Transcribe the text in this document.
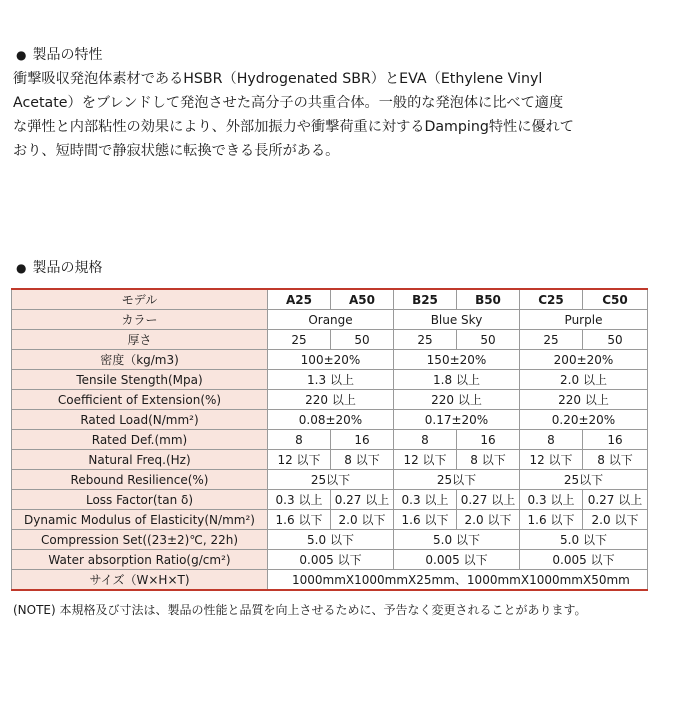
● 製品の特性
衝撃吸収発泡体素材であるHSBR（Hydrogenated SBR）とEVA（Ethylene Vinyl
Acetate）をブレンドして発泡させた高分子の共重合体。一般的な発泡体に比べて適度
な弾性と内部粘性の効果により、外部加振力や衝撃荷重に対するDamping特性に優れて
おり、短時間で静寂状態に転換できる長所がある。
● 製品の規格
モデル	A25	A50	B25	B50	C25	C50
カラー	Orange		Blue Sky		Purple	
厚さ	25	50	25	50	25	50
密度（kg/m3)	100±20%		150±20%		200±20%	
Tensile Stength(Mpa)	1.3 以上		1.8 以上		2.0 以上	
Coefficient of Extension(%)	220 以上		220 以上		220 以上	
Rated Load(N/mm²)	0.08±20%		0.17±20%		0.20±20%	
Rated Def.(mm)	8	16	8	16	8	16
Natural Freq.(Hz)	12 以下	8 以下	12 以下	8 以下	12 以下	8 以下
Rebound Resilience(%)	25以下		25以下		25以下	
Loss Factor(tan δ)	0.3 以上	0.27 以上	0.3 以上	0.27 以上	0.3 以上	0.27 以上
Dynamic Modulus of Elasticity(N/mm²)	1.6 以下	2.0 以下	1.6 以下	2.0 以下	1.6 以下	2.0 以下
Compression Set((23±2)℃, 22h)	5.0 以下		5.0 以下		5.0 以下	
Water absorption Ratio(g/cm²)	0.005 以下		0.005 以下		0.005 以下	
サイズ（W×H×T)	1000mmX1000mmX25mm、1000mmX1000mmX50mm					
(NOTE) 本規格及び寸法は、製品の性能と品質を向上させるために、予告なく変更されることがあります。
